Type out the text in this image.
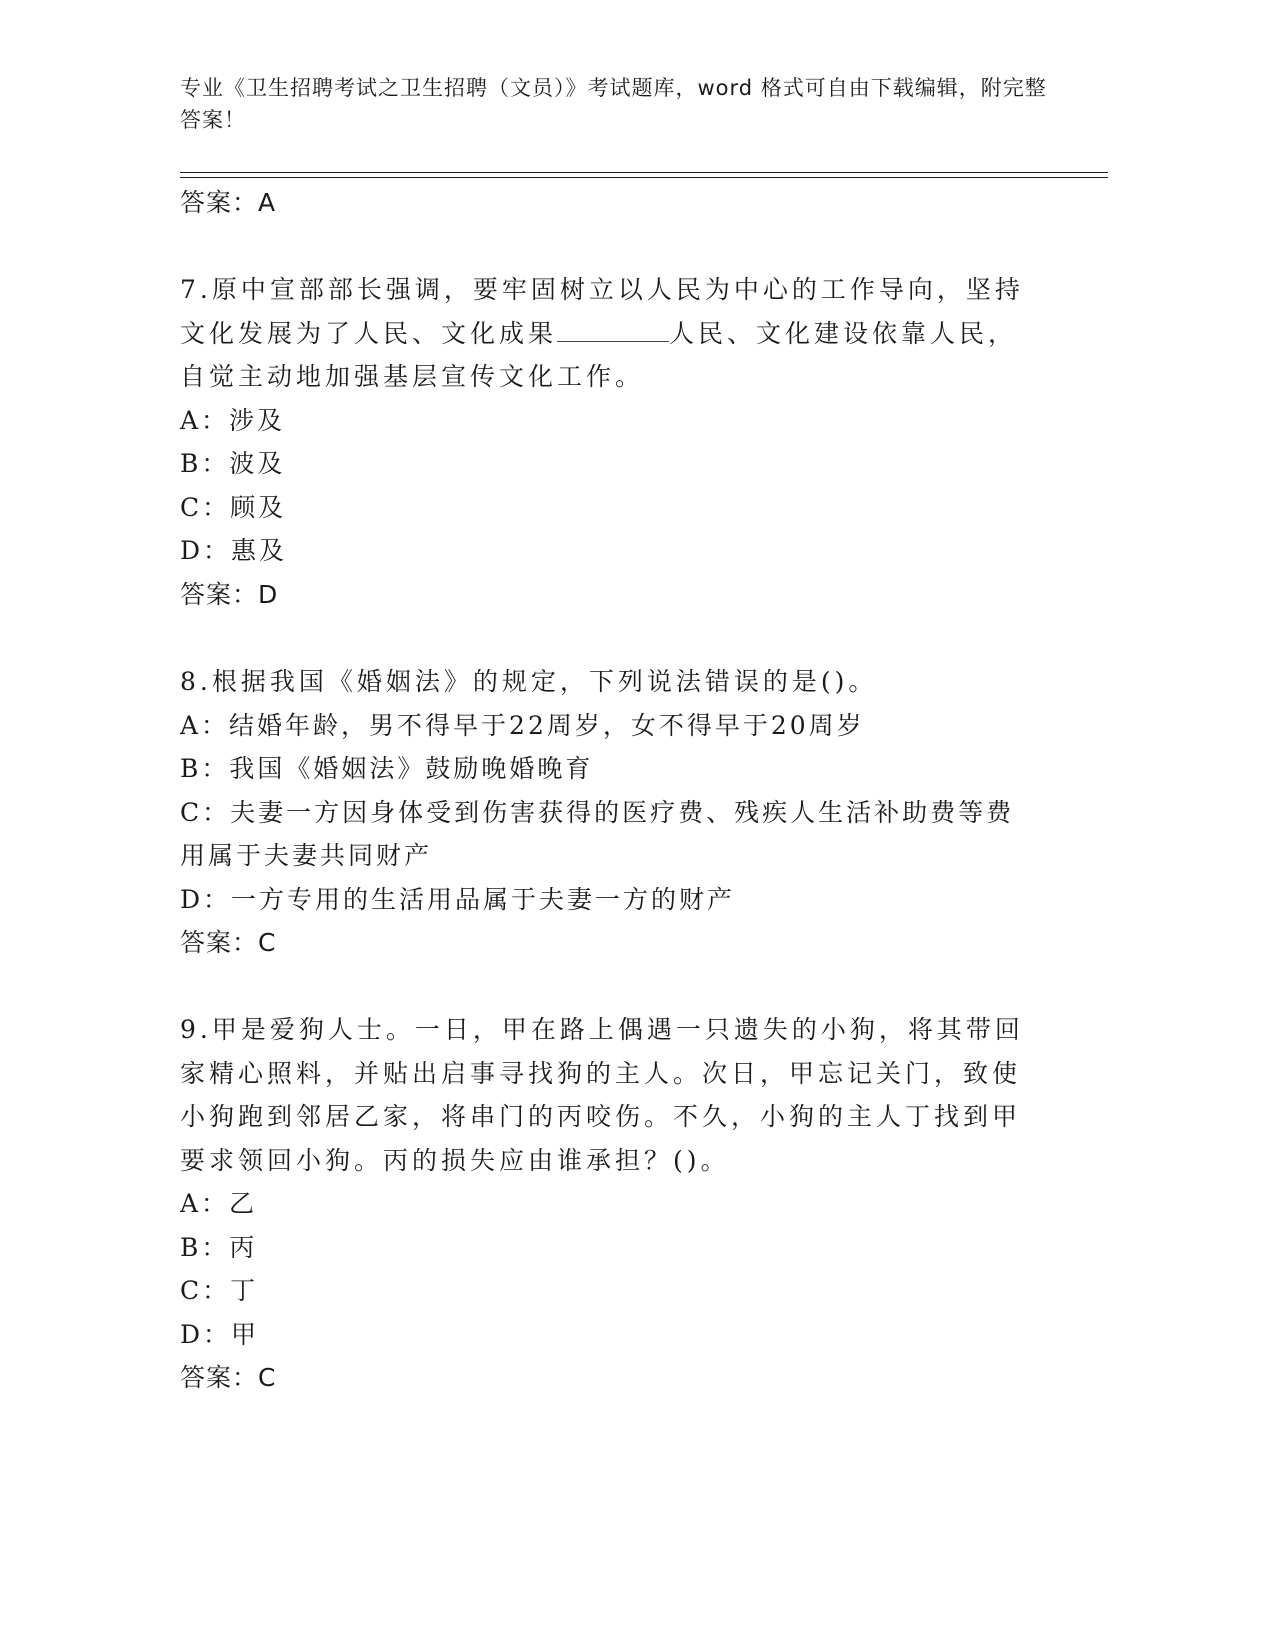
专业《卫生招聘考试之卫生招聘（文员）》考试题库，word 格式可自由下载编辑，附完整答案！
答案：A

7.原中宣部部长强调，要牢固树立以人民为中心的工作导向，坚持文化发展为了人民、文化成果	人民、文化建设依靠人民，自觉主动地加强基层宣传文化工作。

A：涉及

B：波及

C：顾及

D：惠及

答案：D

8.根据我国《婚姻法》的规定，下列说法错误的是()。

A：结婚年龄，男不得早于22周岁，女不得早于20周岁

B：我国《婚姻法》鼓励晚婚晚育

C：夫妻一方因身体受到伤害获得的医疗费、残疾人生活补助费等费用属于夫妻共同财产

D：一方专用的生活用品属于夫妻一方的财产

答案：C

9.甲是爱狗人士。一日，甲在路上偶遇一只遗失的小狗，将其带回家精心照料，并贴出启事寻找狗的主人。次日，甲忘记关门，致使小狗跑到邻居乙家，将串门的丙咬伤。不久，小狗的主人丁找到甲要求领回小狗。丙的损失应由谁承担？()。

A：乙

B：丙

C：丁

D：甲

答案：C
